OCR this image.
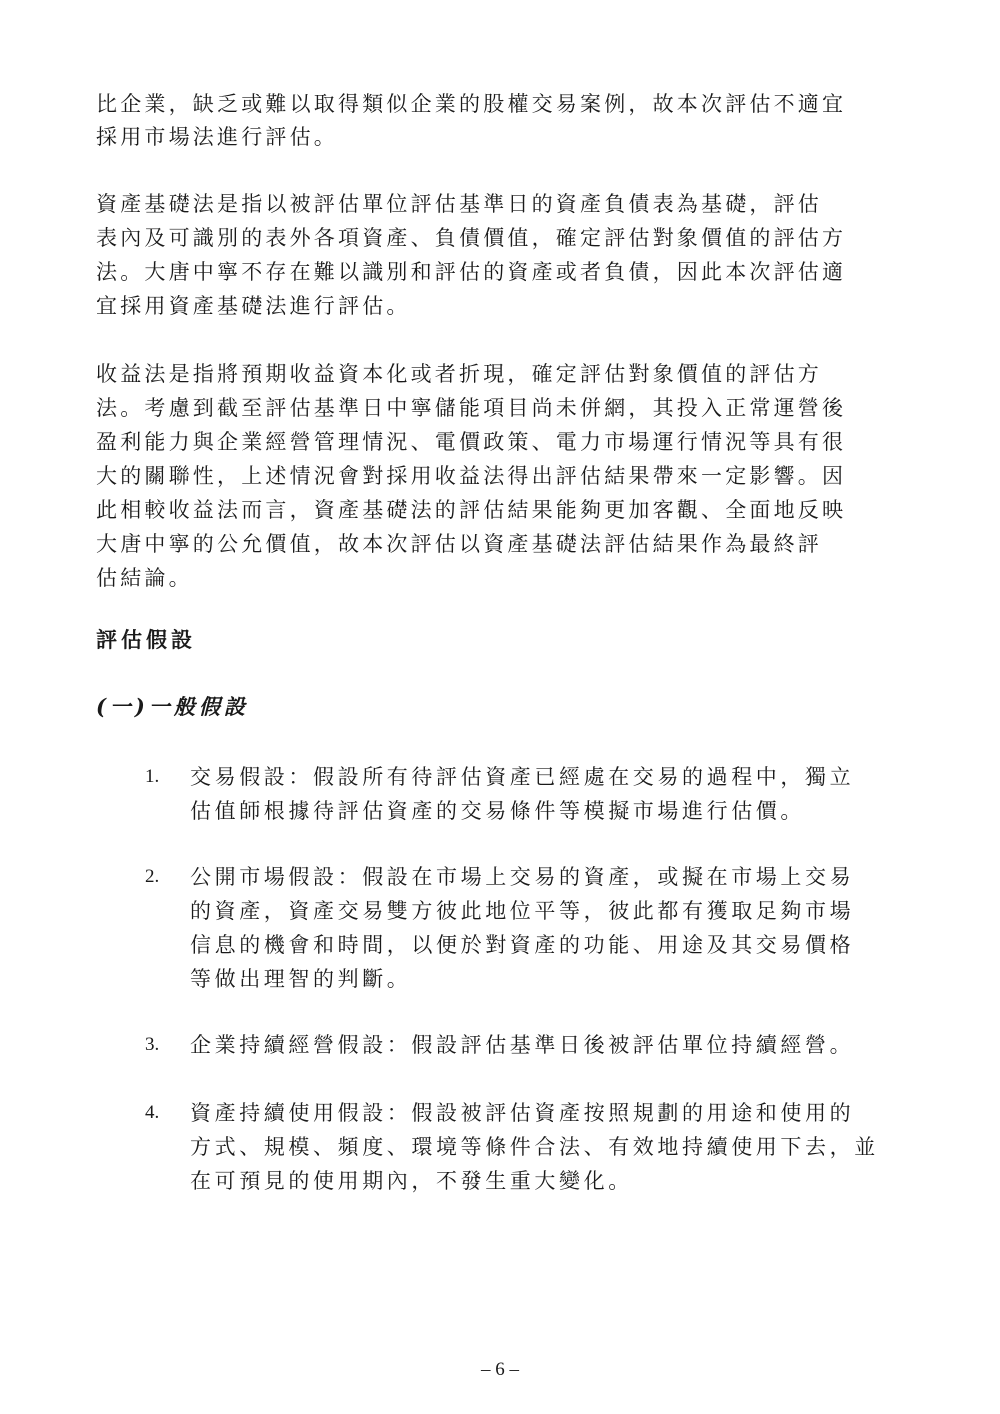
比企業，缺乏或難以取得類似企業的股權交易案例，故本次評估不適宜
採用市場法進行評估。
資產基礎法是指以被評估單位評估基準日的資產負債表為基礎，評估
表內及可識別的表外各項資產、負債價值，確定評估對象價值的評估方
法。大唐中寧不存在難以識別和評估的資產或者負債，因此本次評估適
宜採用資產基礎法進行評估。
收益法是指將預期收益資本化或者折現，確定評估對象價值的評估方
法。考慮到截至評估基準日中寧儲能項目尚未併網，其投入正常運營後
盈利能力與企業經營管理情況、電價政策、電力市場運行情況等具有很
大的關聯性，上述情況會對採用收益法得出評估結果帶來一定影響。因
此相較收益法而言，資產基礎法的評估結果能夠更加客觀、全面地反映
大唐中寧的公允價值，故本次評估以資產基礎法評估結果作為最終評
估結論。
評估假設
(一)一般假設
1.	交易假設：假設所有待評估資產已經處在交易的過程中，獨立
估值師根據待評估資產的交易條件等模擬市場進行估價。
2.	公開市場假設：假設在市場上交易的資產，或擬在市場上交易
的資產，資產交易雙方彼此地位平等，彼此都有獲取足夠市場
信息的機會和時間，以便於對資產的功能、用途及其交易價格
等做出理智的判斷。
3.	企業持續經營假設：假設評估基準日後被評估單位持續經營。
4.	資產持續使用假設：假設被評估資產按照規劃的用途和使用的
方式、規模、頻度、環境等條件合法、有效地持續使用下去，並
在可預見的使用期內，不發生重大變化。
– 6 –
